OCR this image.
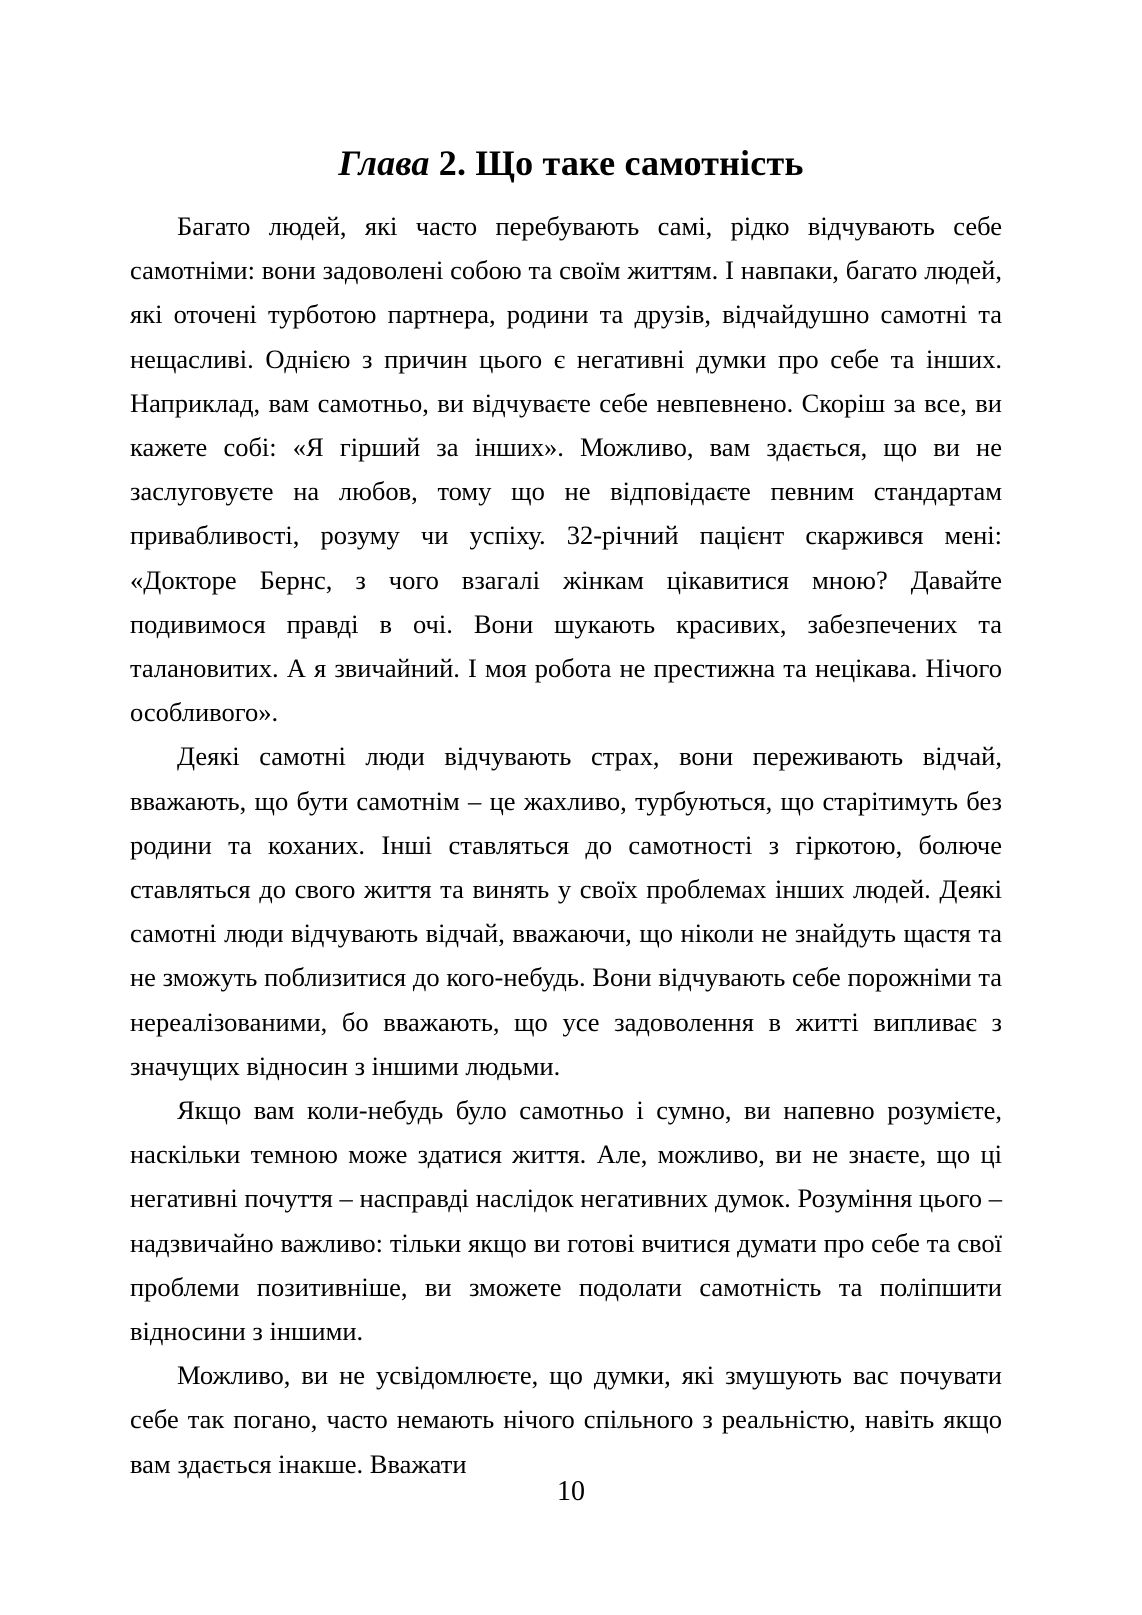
Глава 2. Що таке самотність

Багато людей, які часто перебувають самі, рідко відчувають себе самотніми: вони задоволені собою та своїм життям. І навпаки, багато людей, які оточені турботою партнера, родини та друзів, відчайдушно самотні та нещасливі. Однією з причин цього є негативні думки про себе та інших. Наприклад, вам самотньо, ви відчуваєте себе невпевнено. Скоріш за все, ви кажете собі: «Я гірший за інших». Можливо, вам здається, що ви не заслуговуєте на любов, тому що не відповідаєте певним стандартам привабливості, розуму чи успіху. 32-річний пацієнт скаржився мені: «Докторе Бернс, з чого взагалі жінкам цікавитися мною? Давайте подивимося правді в очі. Вони шукають красивих, забезпечених та талановитих. А я звичайний. І моя робота не престижна та нецікава. Нічого особливого».

Деякі самотні люди відчувають страх, вони переживають відчай, вважають, що бути самотнім – це жахливо, турбуються, що старітимуть без родини та коханих. Інші ставляться до самотності з гіркотою, болюче ставляться до свого життя та винять у своїх проблемах інших людей. Деякі самотні люди відчувають відчай, вважаючи, що ніколи не знайдуть щастя та не зможуть поблизитися до кого-небудь. Вони відчувають себе порожніми та нереалізованими, бо вважають, що усе задоволення в житті випливає з значущих відносин з іншими людьми.

Якщо вам коли-небудь було самотньо і сумно, ви напевно розумієте, наскільки темною може здатися життя. Але, можливо, ви не знаєте, що ці негативні почуття – насправді наслідок негативних думок. Розуміння цього – надзвичайно важливо: тільки якщо ви готові вчитися думати про себе та свої проблеми позитивніше, ви зможете подолати самотність та поліпшити відносини з іншими.

Можливо, ви не усвідомлюєте, що думки, які змушують вас почувати себе так погано, часто немають нічого спільного з реальністю, навіть якщо вам здається інакше. Вважати

10
